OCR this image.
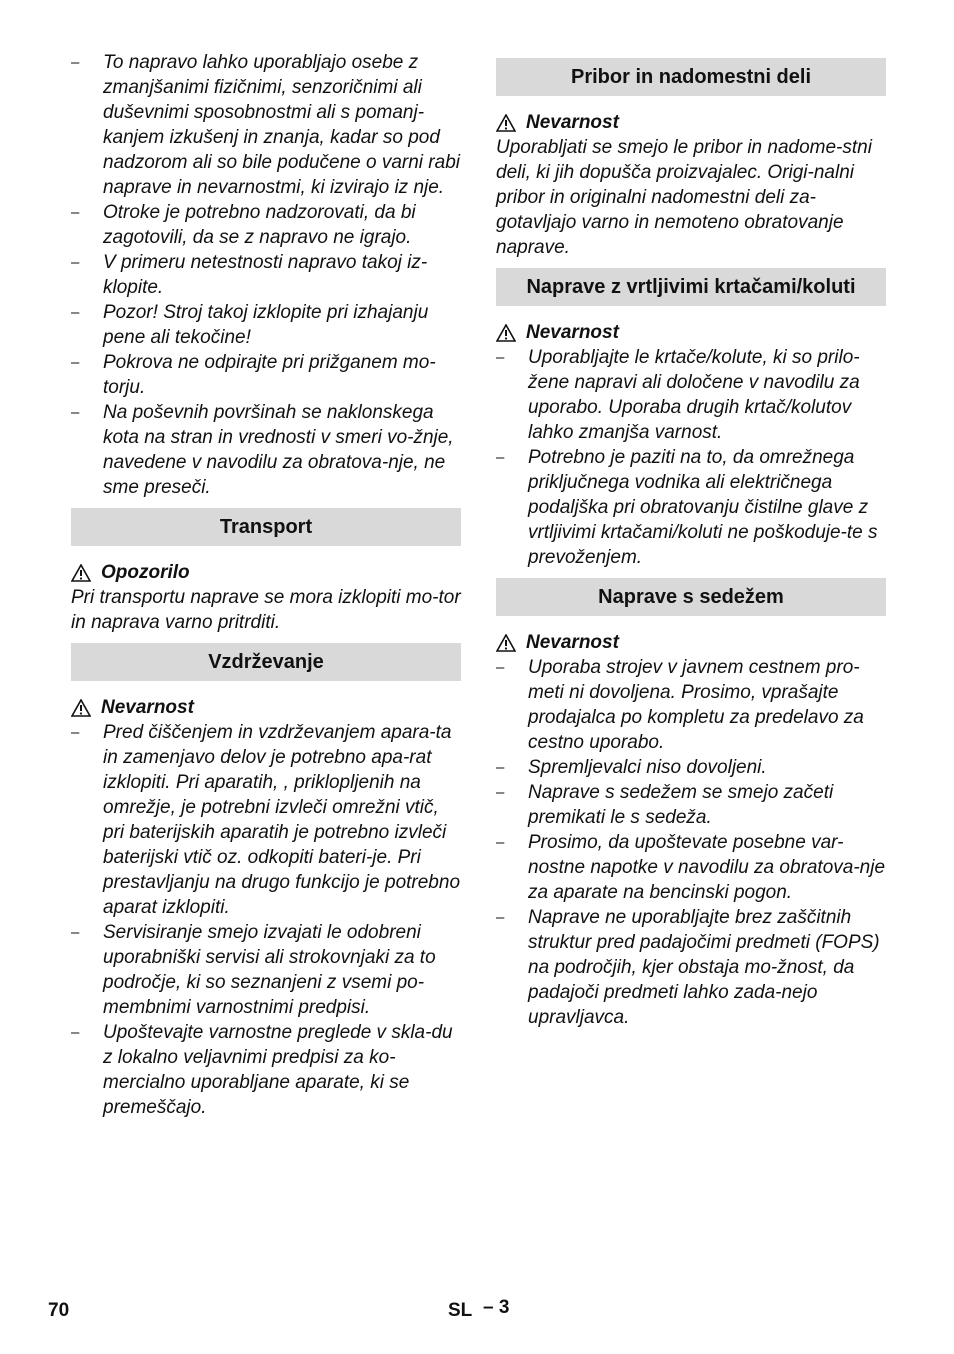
– To napravo lahko uporabljajo osebe z zmanjšanimi fizičnimi, senzoričnimi ali duševnimi sposobnostmi ali s pomanj-kanjem izkušenj in znanja, kadar so pod nadzorom ali so bile podučene o varni rabi naprave in nevarnostmi, ki izvirajo iz nje.
– Otroke je potrebno nadzorovati, da bi zagotovili, da se z napravo ne igrajo.
– V primeru netestnosti napravo takoj iz-klopite.
– Pozor! Stroj takoj izklopite pri izhajanju pene ali tekočine!
– Pokrova ne odpirajte pri prižganem mo-torju.
– Na poševnih površinah se naklonskega kota na stran in vrednosti v smeri vo-žnje, navedene v navodilu za obratova-nje, ne sme preseči.
Transport
Opozorilo
Pri transportu naprave se mora izklopiti mo-tor in naprava varno pritrditi.
Vzdrževanje
Nevarnost
– Pred čiščenjem in vzdrževanjem apara-ta in zamenjavo delov je potrebno apa-rat izklopiti. Pri aparatih, , priklopljenih na omrežje, je potrebni izvleči omrežni vtič, pri baterijskih aparatih je potrebno izvleči baterijski vtič oz. odkopiti bateri-je. Pri prestavljanju na drugo funkcijo je potrebno aparat izklopiti.
– Servisiranje smejo izvajati le odobreni uporabniški servisi ali strokovnjaki za to področje, ki so seznanjeni z vsemi po-membnimi varnostnimi predpisi.
– Upoštevajte varnostne preglede v skla-du z lokalno veljavnimi predpisi za ko-mercialno uporabljane aparate, ki se premeščajo.
Pribor in nadomestni deli
Nevarnost
Uporabljati se smejo le pribor in nadome-stni deli, ki jih dopušča proizvajalec. Origi-nalni pribor in originalni nadomestni deli za-gotavljajo varno in nemoteno obratovanje naprave.
Naprave z vrtljivimi krtačami/koluti
Nevarnost
– Uporabljajte le krtače/kolute, ki so prilo-žene napravi ali določene v navodilu za uporabo. Uporaba drugih krtač/kolutov lahko zmanjša varnost.
– Potrebno je paziti na to, da omrežnega priključnega vodnika ali električnega podaljška pri obratovanju čistilne glave z vrtljivimi krtačami/koluti ne poškoduje-te s prevoženjem.
Naprave s sedežem
Nevarnost
– Uporaba strojev v javnem cestnem pro-meti ni dovoljena. Prosimo, vprašajte prodajalca po kompletu za predelavo za cestno uporabo.
– Spremljevalci niso dovoljeni.
– Naprave s sedežem se smejo začeti premikati le s sedeža.
– Prosimo, da upoštevate posebne var-nostne napotke v navodilu za obratova-nje za aparate na bencinski pogon.
– Naprave ne uporabljajte brez zaščitnih struktur pred padajočimi predmeti (FOPS) na področjih, kjer obstaja mo-žnost, da padajoči predmeti lahko zada-nejo upravljavca.
70	SL – 3
